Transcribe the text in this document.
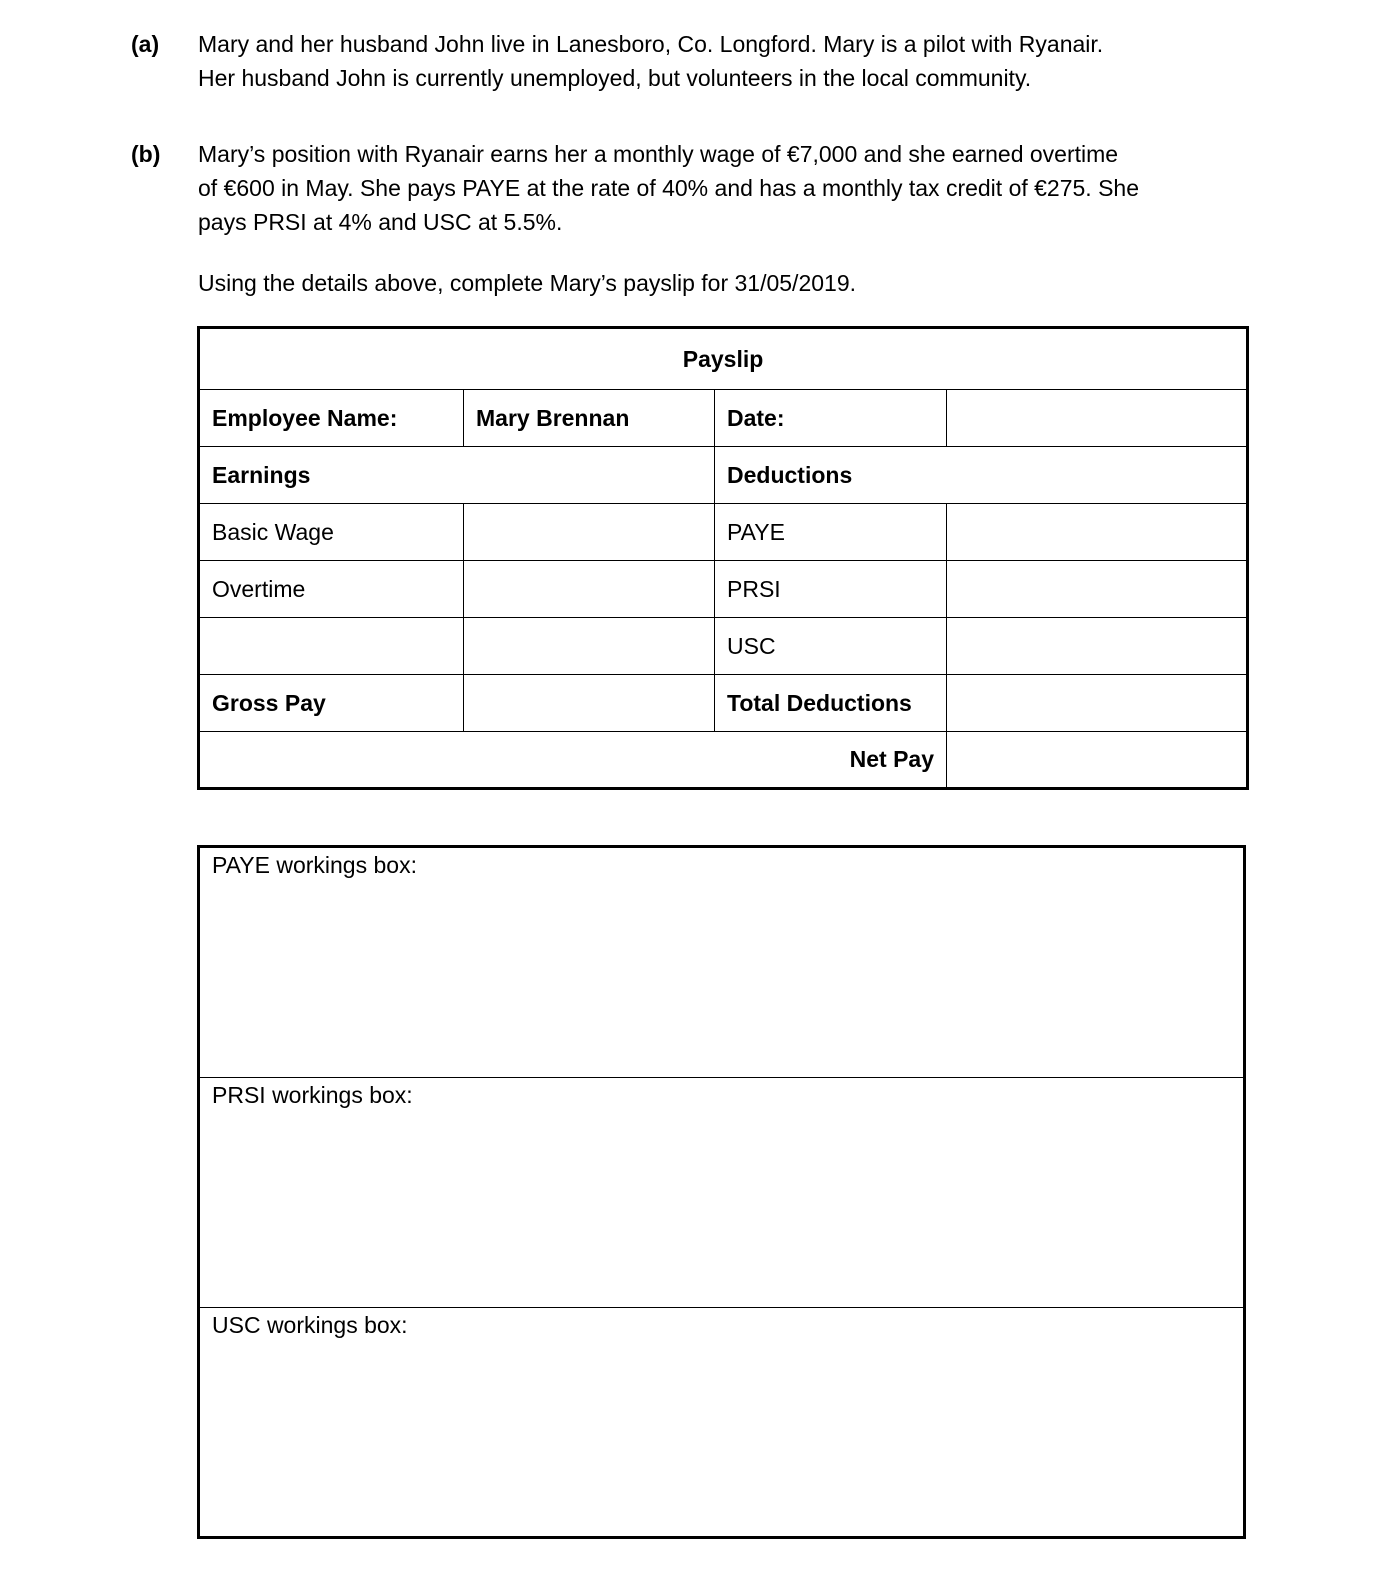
(a) Mary and her husband John live in Lanesboro, Co. Longford. Mary is a pilot with Ryanair.
Her husband John is currently unemployed, but volunteers in the local community.
(b) Mary’s position with Ryanair earns her a monthly wage of €7,000 and she earned overtime
of €600 in May. She pays PAYE at the rate of 40% and has a monthly tax credit of €275. She
pays PRSI at 4% and USC at 5.5%.
Using the details above, complete Mary’s payslip for 31/05/2019.
Payslip			
Employee Name:	Mary Brennan	Date:	
Earnings		Deductions	
Basic Wage		PAYE	
Overtime		PRSI	
		USC	
Gross Pay		Total Deductions	
Net Pay			
PAYE workings box:
PRSI workings box:
USC workings box:
